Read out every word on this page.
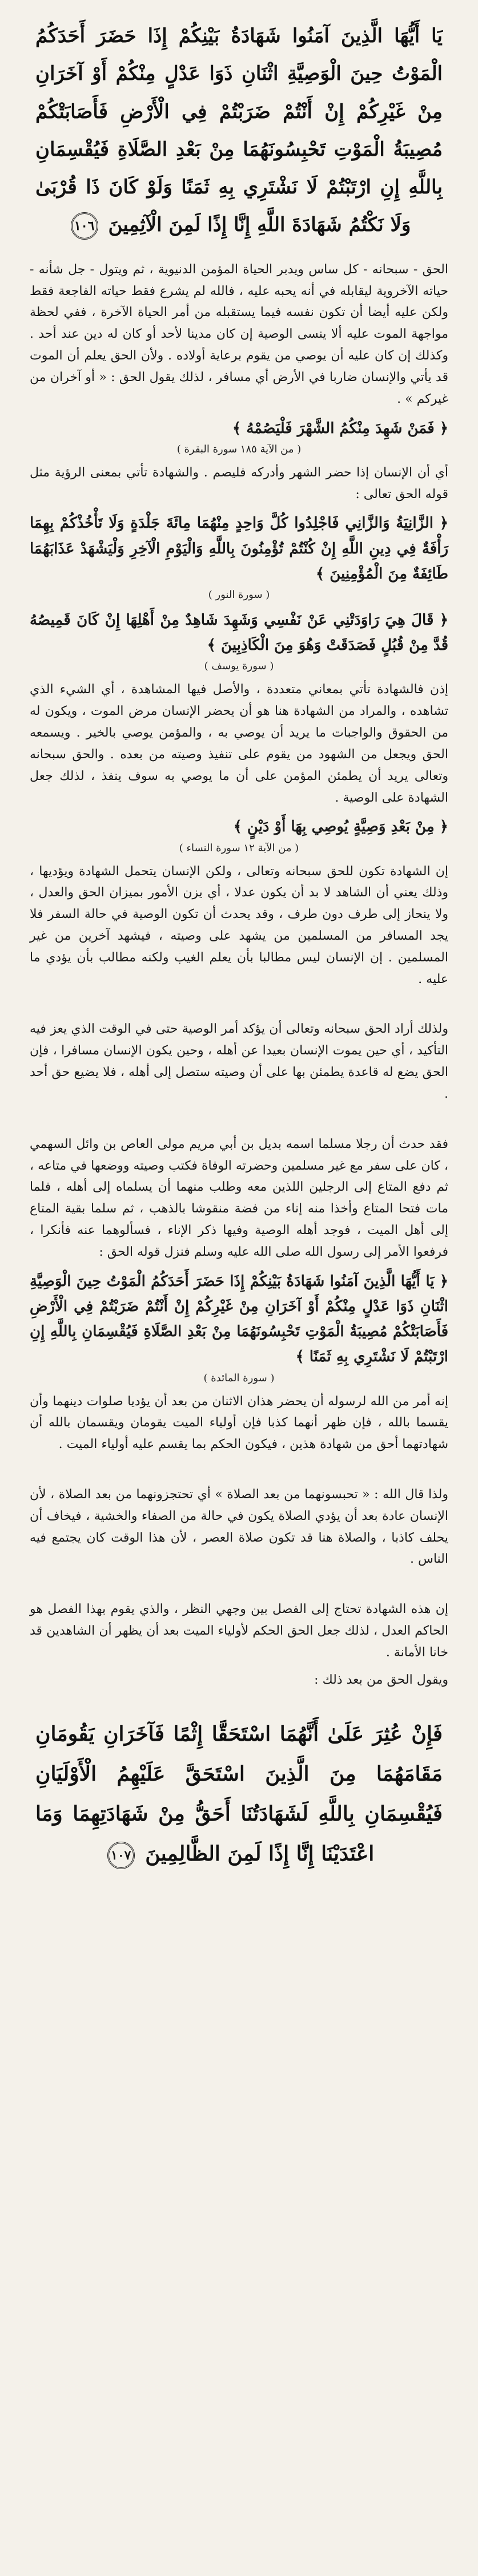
يَا أَيُّهَا الَّذِينَ آمَنُوا شَهَادَةُ بَيْنِكُمْ إِذَا حَضَرَ أَحَدَكُمُ الْمَوْتُ حِينَ الْوَصِيَّةِ اثْنَانِ ذَوَا عَدْلٍ مِنْكُمْ أَوْ آخَرَانِ مِنْ غَيْرِكُمْ إِنْ أَنْتُمْ ضَرَبْتُمْ فِي الْأَرْضِ فَأَصَابَتْكُمْ مُصِيبَةُ الْمَوْتِ تَحْبِسُونَهُمَا مِنْ بَعْدِ الصَّلَاةِ فَيُقْسِمَانِ بِاللَّهِ إِنِ ارْتَبْتُمْ لَا نَشْتَرِي بِهِ ثَمَنًا وَلَوْ كَانَ ذَا قُرْبَىٰ وَلَا نَكْتُمُ شَهَادَةَ اللَّهِ إِنَّا إِذًا لَمِنَ الْآثِمِينَ ١٠٦

الحق - سبحانه - كل ساس ويدبر الحياة المؤمن الدنيوية ، ثم ويتول - جل شأنه - حياته الآخروية ليقابله في أنه يحبه عليه ، فالله لم يشرع فقط حياته الفاجعة فقط ولكن عليه أيضا أن تكون نفسه فيما يستقبله من أمر الحياة الآخرة ، ففي لحظة مواجهة الموت عليه ألا ينسى الوصية إن كان مدينا لأحد أو كان له دين عند أحد . وكذلك إن كان عليه أن يوصي من يقوم برعاية أولاده . ولأن الحق يعلم أن الموت قد يأتي والإنسان ضاربا في الأرض أي مسافر ، لذلك يقول الحق : « أو آخران من غيركم » .

﴿ فَمَنْ شَهِدَ مِنْكُمُ الشَّهْرَ فَلْيَصُمْهُ ﴾
( من الآية ١٨٥ سورة البقرة )

أي أن الإنسان إذا حضر الشهر وأدركه فليصم . والشهادة تأتي بمعنى الرؤية مثل قوله الحق تعالى :

﴿ الزَّانِيَةُ وَالزَّانِي فَاجْلِدُوا كُلَّ وَاحِدٍ مِنْهُمَا مِائَةَ جَلْدَةٍ وَلَا تَأْخُذْكُمْ بِهِمَا رَأْفَةٌ فِي دِينِ اللَّهِ إِنْ كُنْتُمْ تُؤْمِنُونَ بِاللَّهِ وَالْيَوْمِ الْآخِرِ وَلْيَشْهَدْ عَذَابَهُمَا طَائِفَةٌ مِنَ الْمُؤْمِنِينَ ﴾
( سورة النور )
﴿ قَالَ هِيَ رَاوَدَتْنِي عَنْ نَفْسِي وَشَهِدَ شَاهِدٌ مِنْ أَهْلِهَا إِنْ كَانَ قَمِيصُهُ قُدَّ مِنْ قُبُلٍ فَصَدَقَتْ وَهُوَ مِنَ الْكَاذِبِينَ ﴾
( سورة يوسف )

إذن فالشهادة تأتي بمعاني متعددة ، والأصل فيها المشاهدة ، أي الشيء الذي تشاهده ، والمراد من الشهادة هنا هو أن يحضر الإنسان مرض الموت ، ويكون له من الحقوق والواجبات ما يريد أن يوصي به ، والمؤمن يوصي بالخير . ويسمعه الحق ويجعل من الشهود من يقوم على تنفيذ وصيته من بعده . والحق سبحانه وتعالى يريد أن يطمئن المؤمن على أن ما يوصي به سوف ينفذ ، لذلك جعل الشهادة على الوصية .

﴿ مِنْ بَعْدِ وَصِيَّةٍ يُوصِي بِهَا أَوْ دَيْنٍ ﴾
( من الآية ١٢ سورة النساء )

إن الشهادة تكون للحق سبحانه وتعالى ، ولكن الإنسان يتحمل الشهادة ويؤديها ، وذلك يعني أن الشاهد لا بد أن يكون عدلا ، أي يزن الأمور بميزان الحق والعدل ، ولا ينحاز إلى طرف دون طرف ، وقد يحدث أن تكون الوصية في حالة السفر فلا يجد المسافر من المسلمين من يشهد على وصيته ، فيشهد آخرين من غير المسلمين . إن الإنسان ليس مطالبا بأن يعلم الغيب ولكنه مطالب بأن يؤدي ما عليه .

ولذلك أراد الحق سبحانه وتعالى أن يؤكد أمر الوصية حتى في الوقت الذي يعز فيه التأكيد ، أي حين يموت الإنسان بعيدا عن أهله ، وحين يكون الإنسان مسافرا ، فإن الحق يضع له قاعدة يطمئن بها على أن وصيته ستصل إلى أهله ، فلا يضيع حق أحد .

فقد حدث أن رجلا مسلما اسمه بديل بن أبي مريم مولى العاص بن وائل السهمي ، كان على سفر مع غير مسلمين وحضرته الوفاة فكتب وصيته ووضعها في متاعه ، ثم دفع المتاع إلى الرجلين اللذين معه وطلب منهما أن يسلماه إلى أهله ، فلما مات فتحا المتاع وأخذا منه إناء من فضة منقوشا بالذهب ، ثم سلما بقية المتاع إلى أهل الميت ، فوجد أهله الوصية وفيها ذكر الإناء ، فسألوهما عنه فأنكرا ، فرفعوا الأمر إلى رسول الله صلى الله عليه وسلم فنزل قوله الحق :

﴿ يَا أَيُّهَا الَّذِينَ آمَنُوا شَهَادَةُ بَيْنِكُمْ إِذَا حَضَرَ أَحَدَكُمُ الْمَوْتُ حِينَ الْوَصِيَّةِ اثْنَانِ ذَوَا عَدْلٍ مِنْكُمْ أَوْ آخَرَانِ مِنْ غَيْرِكُمْ إِنْ أَنْتُمْ ضَرَبْتُمْ فِي الْأَرْضِ فَأَصَابَتْكُمْ مُصِيبَةُ الْمَوْتِ تَحْبِسُونَهُمَا مِنْ بَعْدِ الصَّلَاةِ فَيُقْسِمَانِ بِاللَّهِ إِنِ ارْتَبْتُمْ لَا نَشْتَرِي بِهِ ثَمَنًا ﴾
( سورة المائدة )

إنه أمر من الله لرسوله أن يحضر هذان الاثنان من بعد أن يؤديا صلوات دينهما وأن يقسما بالله ، فإن ظهر أنهما كذبا فإن أولياء الميت يقومان ويقسمان بالله أن شهادتهما أحق من شهادة هذين ، فيكون الحكم بما يقسم عليه أولياء الميت .

ولذا قال الله : « تحبسونهما من بعد الصلاة » أي تحتجزونهما من بعد الصلاة ، لأن الإنسان عادة بعد أن يؤدي الصلاة يكون في حالة من الصفاء والخشية ، فيخاف أن يحلف كاذبا ، والصلاة هنا قد تكون صلاة العصر ، لأن هذا الوقت كان يجتمع فيه الناس .

إن هذه الشهادة تحتاج إلى الفصل بين وجهي النظر ، والذي يقوم بهذا الفصل هو الحاكم العدل ، لذلك جعل الحق الحكم لأولياء الميت بعد أن يظهر أن الشاهدين قد خانا الأمانة .

ويقول الحق من بعد ذلك :

فَإِنْ عُثِرَ عَلَىٰ أَنَّهُمَا اسْتَحَقَّا إِثْمًا فَآخَرَانِ يَقُومَانِ مَقَامَهُمَا مِنَ الَّذِينَ اسْتَحَقَّ عَلَيْهِمُ الْأَوْلَيَانِ فَيُقْسِمَانِ بِاللَّهِ لَشَهَادَتُنَا أَحَقُّ مِنْ شَهَادَتِهِمَا وَمَا اعْتَدَيْنَا إِنَّا إِذًا لَمِنَ الظَّالِمِينَ ١٠٧
